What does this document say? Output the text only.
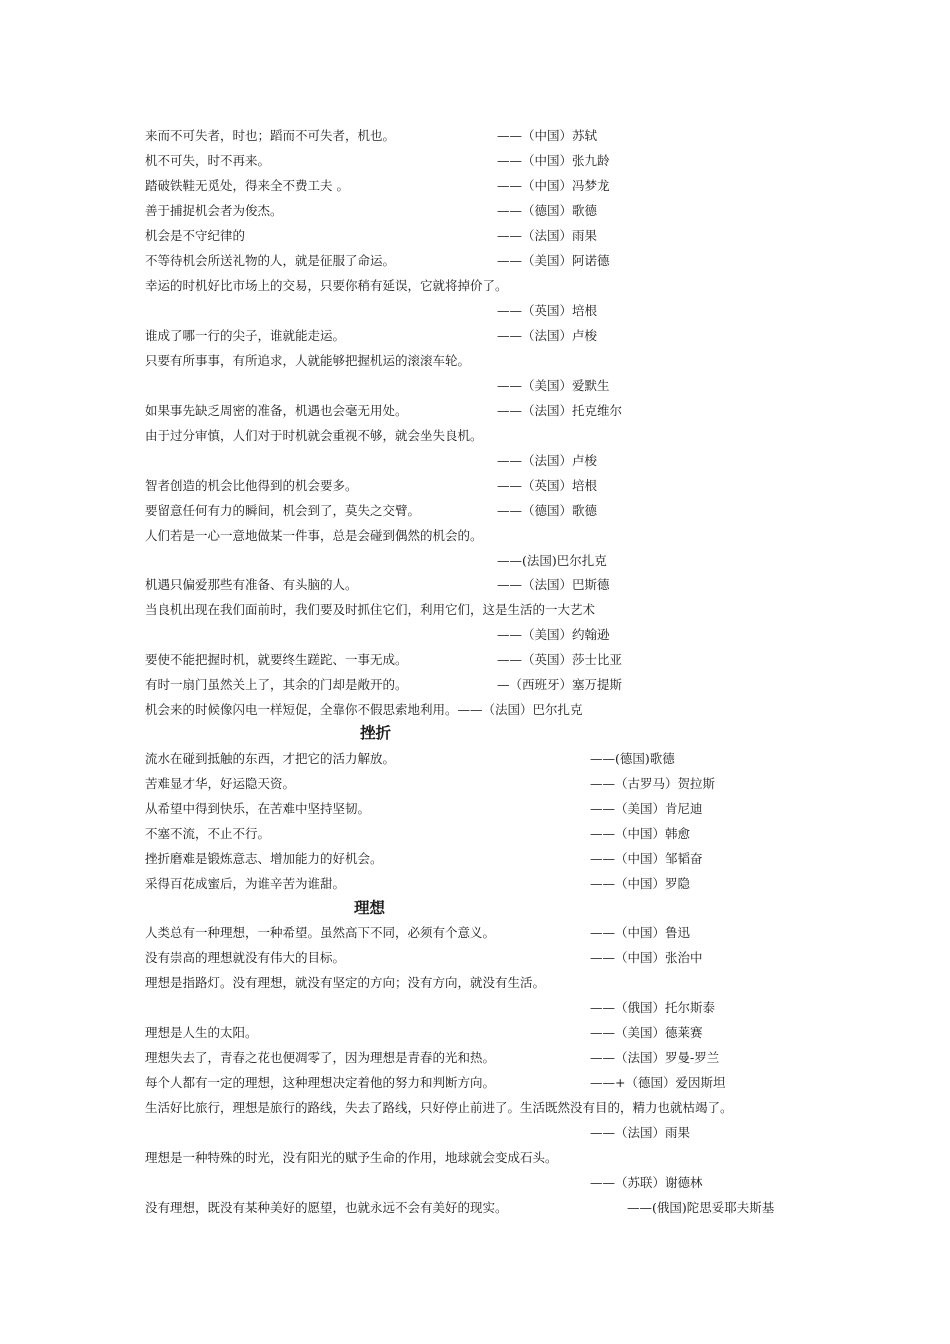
来而不可失者，时也；蹈而不可失者，机也。	——（中国）苏轼
机不可失，时不再来。	——（中国）张九龄
踏破铁鞋无觅处，得来全不费工夫 。	——（中国）冯梦龙
善于捕捉机会者为俊杰。	——（德国）歌德
机会是不守纪律的	——（法国）雨果
不等待机会所送礼物的人，就是征服了命运。	——（美国）阿诺德
幸运的时机好比市场上的交易，只要你稍有延误，它就将掉价了。
——（英国）培根
谁成了哪一行的尖子，谁就能走运。	——（法国）卢梭
只要有所事事，有所追求，人就能够把握机运的滚滚车轮。
——（美国）爱默生
如果事先缺乏周密的准备，机遇也会毫无用处。	——（法国）托克维尔
由于过分审慎，人们对于时机就会重视不够，就会坐失良机。
——（法国）卢梭
智者创造的机会比他得到的机会要多。	——（英国）培根
要留意任何有力的瞬间，机会到了，莫失之交臂。	——（德国）歌德
人们若是一心一意地做某一件事，总是会碰到偶然的机会的。
——(法国)巴尔扎克
机遇只偏爱那些有准备、有头脑的人。	——（法国）巴斯德
当良机出现在我们面前时，我们要及时抓住它们，利用它们，这是生活的一大艺术
——（美国）约翰逊
要使不能把握时机，就要终生蹉跎、一事无成。	——（英国）莎士比亚
有时一扇门虽然关上了，其余的门却是敞开的。	—（西班牙）塞万提斯
机会来的时候像闪电一样短促，全靠你不假思索地利用。——（法国）巴尔扎克
挫折
流水在碰到抵触的东西，才把它的活力解放。	——(德国)歌德
苦难显才华，好运隐天资。	——（古罗马）贺拉斯
从希望中得到快乐，在苦难中坚持坚韧。	——（美国）肯尼迪
不塞不流，不止不行。	——（中国）韩愈
挫折磨难是锻炼意志、增加能力的好机会。	——（中国）邹韬奋
采得百花成蜜后，为谁辛苦为谁甜。	——（中国）罗隐
理想
人类总有一种理想，一种希望。虽然高下不同，必须有个意义。	——（中国）鲁迅
没有崇高的理想就没有伟大的目标。	——（中国）张治中
理想是指路灯。没有理想，就没有坚定的方向；没有方向，就没有生活。
——（俄国）托尔斯泰
理想是人生的太阳。	——（美国）德莱赛
理想失去了，青春之花也便凋零了，因为理想是青春的光和热。	——（法国）罗曼-罗兰
每个人都有一定的理想，这种理想决定着他的努力和判断方向。	——+（德国）爱因斯坦
生活好比旅行，理想是旅行的路线，失去了路线，只好停止前进了。生活既然没有目的，精力也就枯竭了。
——（法国）雨果
理想是一种特殊的时光，没有阳光的赋予生命的作用，地球就会变成石头。
——（苏联）谢德林
没有理想，既没有某种美好的愿望，也就永远不会有美好的现实。	——(俄国)陀思妥耶夫斯基
